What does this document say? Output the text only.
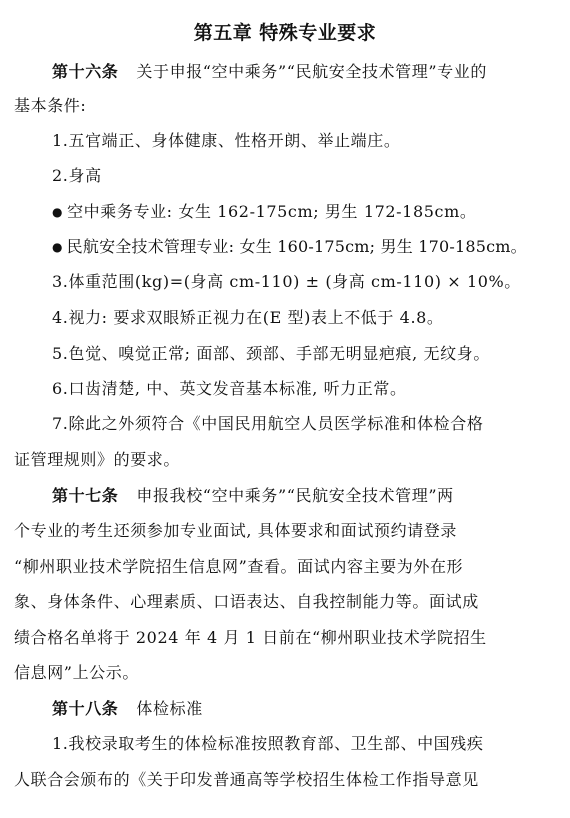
第五章 特殊专业要求
第十六条 关于申报“空中乘务”“民航安全技术管理”专业的
基本条件:
1.五官端正、身体健康、性格开朗、举止端庄。
2.身高
● 空中乘务专业: 女生 162-175cm; 男生 172-185cm。
● 民航安全技术管理专业: 女生 160-175cm; 男生 170-185cm。
3.体重范围(kg)=(身高 cm-110) ± (身高 cm-110) × 10%。
4.视力: 要求双眼矫正视力在(E 型)表上不低于 4.8。
5.色觉、嗅觉正常; 面部、颈部、手部无明显疤痕, 无纹身。
6.口齿清楚, 中、英文发音基本标准, 听力正常。
7.除此之外须符合《中国民用航空人员医学标准和体检合格
证管理规则》的要求。
第十七条 申报我校“空中乘务”“民航安全技术管理”两
个专业的考生还须参加专业面试, 具体要求和面试预约请登录
“柳州职业技术学院招生信息网”查看。面试内容主要为外在形
象、身体条件、心理素质、口语表达、自我控制能力等。面试成
绩合格名单将于 2024 年 4 月 1 日前在“柳州职业技术学院招生
信息网”上公示。
第十八条 体检标准
1.我校录取考生的体检标准按照教育部、卫生部、中国残疾
人联合会颁布的《关于印发普通高等学校招生体检工作指导意见
